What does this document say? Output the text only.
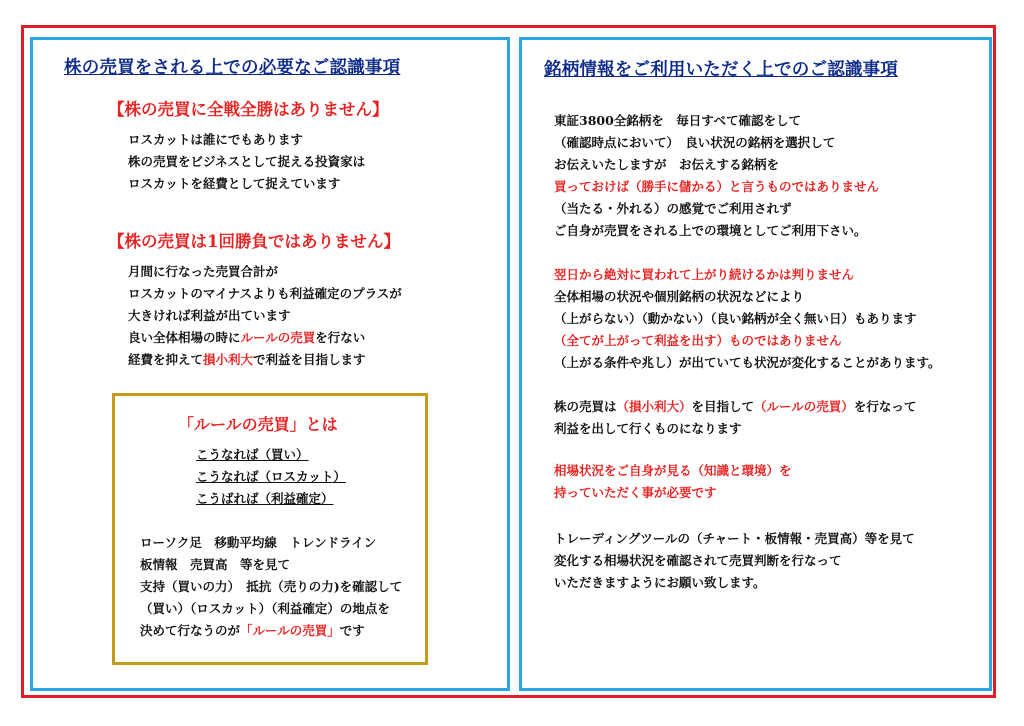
株の売買をされる上での必要なご認識事項
【株の売買に全戦全勝はありません】
ロスカットは誰にでもあります
株の売買をビジネスとして捉える投資家は
ロスカットを経費として捉えています
【株の売買は1回勝負ではありません】
月間に行なった売買合計が
ロスカットのマイナスよりも利益確定のプラスが
大きければ利益が出ています
良い全体相場の時にルールの売買を行ない
経費を抑えて損小利大で利益を目指します
「ルールの売買」とは
こうなれば（買い）
こうなれば（ロスカット）
こうばれば（利益確定）
ローソク足　移動平均線　トレンドライン
板情報　売買高　等を見て
支持（買いの力）　抵抗（売りの力)を確認して
（買い）（ロスカット）（利益確定）の地点を
決めて行なうのが「ルールの売買」です
銘柄情報をご利用いただく上でのご認識事項
東証3800全銘柄を　毎日すべて確認をして
（確認時点において）　良い状況の銘柄を選択して
お伝えいたしますが　お伝えする銘柄を
買っておけば（勝手に儲かる）と言うものではありません
（当たる・外れる）の感覚でご利用されず
ご自身が売買をされる上での環境としてご利用下さい。
翌日から絶対に買われて上がり続けるかは判りません
全体相場の状況や個別銘柄の状況などにより
（上がらない）（動かない）（良い銘柄が全く無い日）もあります
（全てが上がって利益を出す）ものではありません
（上がる条件や兆し）が出ていても状況が変化することがあります。
株の売買は（損小利大）を目指して（ルールの売買）を行なって
利益を出して行くものになります
相場状況をご自身が見る（知識と環境）を
持っていただく事が必要です
トレーディングツールの（チャート・板情報・売買高）等を見て
変化する相場状況を確認されて売買判断を行なって
いただきますようにお願い致します。
